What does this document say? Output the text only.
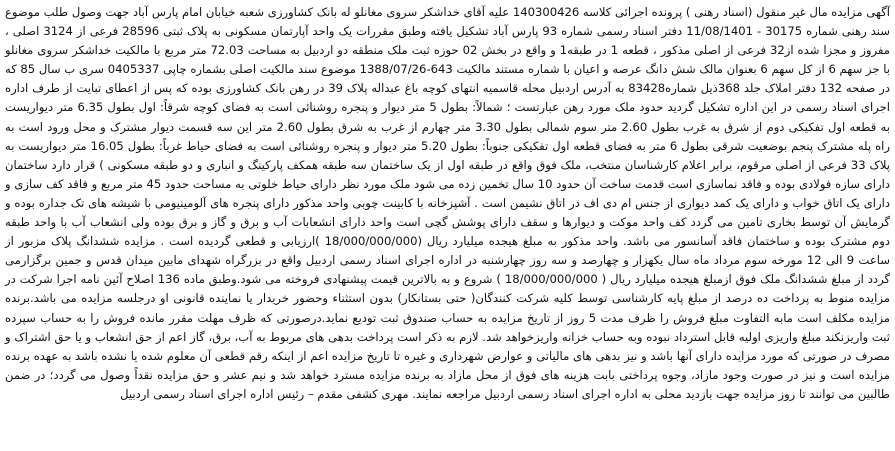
آگهی مزایده مال غیر منقول (اسناد رهنی ) پرونده اجرائی کلاسه 140300426 علیه آقای خداشکر سروی مغانلو له بانک کشاورزی شعبه خیابان امام پارس آباد جهت وصول طلب موضوع سند رهنی شماره 30175 - 11/08/1401 دفتر اسناد رسمی شماره 93 پارس آباد تشکیل یافته وطبق مقررات یک واحد آپارتمان مسکونی به پلاک ثبتی 28596 فرعی از 3124 اصلی ، مفروز و مجزا شده از32 فرعی از اصلی مذکور ، قطعه 1 در طبقه1 و واقع در بخش 02 حوزه ثبت ملک منطقه دو اردبیل به مساحت 72.03 متر مربع با مالکیت خداشکر سروی مغانلو با جز سهم 6 از کل سهم 6 بعنوان مالک شش دانگ عرصه و اعیان با شماره مستند مالکیت 643-1388/07/26 موضوع سند مالکیت اصلی بشماره چاپی 0405337 سری ب سال 85 که در صفحه 132 دفتر املاک جلد 368ذیل شماره83428 به آدرس اردبیل محله قاسمیه انتهای کوچه باغ عبداله پلاک 39 در رهن بانک کشاورزی بوده که پس از اعطای تبایت از طرف اداره اجرای اسناد رسمی در این اداره تشکیل گردید حدود ملک مورد رهن عبارتست ؛ شمالاً: بطول 5 متر دیوار و پنجره روشنائی است به فضای کوچه شرقاً: اول بطول 6.35 متر دیواریست به قطعه اول تفکیکی دوم از شرق به غرب بطول 2.60 متر سوم شمالی بطول 3.30 متر چهارم از غرب به شرق بطول 2.60 متر این سه قسمت دیوار مشترک و محل ورود است به راه پله مشترک پنجم بوضعیت شرقی بطول 6 متر به فضای قطعه اول تفکیکی جنوباً: بطول 5.20 متر دیوار و پنجره روشنائی است به فضای حیاط غرباً: بطول 16.05 متر دیواریست به پلاک 33 فرعی از اصلی مرقوم، برابر اعلام کارشناسان منتخب، ملک فوق واقع در طبقه اول از یک ساختمان سه طبقه همکف پارکینگ و انباری و دو طبقه مسکونی ) قرار دارد ساختمان دارای سازه فولادی بوده و فاقد نماسازی است قدمت ساخت آن حدود 10 سال تخمین زده می شود ملک مورد نظر دارای حیاط خلوتی به مساحت حدود 45 متر مربع و فاقد کف سازی و دارای یک اتاق خواب و دارای یک کمد دیواری از جنس ام دی اف در اتاق نشیمن است . آشپزخانه با کابینت چوبی واحد مذکور دارای پنجره های آلومینیومی با شیشه های تک جداره بوده و گرمایش آن توسط بخاری تامین می گردد کف واحد موکت و دیوارها و سقف دارای پوشش گچی است واحد دارای انشعابات آب و برق و گاز و برق بوده ولی انشعاب آب با واحد طبقه دوم مشترک بوده و ساختمان فاقد آسانسور می باشد. واحد مذکور به مبلغ هیجده میلیارد ریال (18/000/000/000 )ارزیابی و قطعی گردیده است . مزایده ششدانگ پلاک مزبور از ساعت 9 الی 12 مورخه سوم مرداد ماه سال یکهزار و چهارصد و سه روز چهارشنبه در اداره اجرای اسناد رسمی اردبیل واقع در بزرگراه شهدای مابین میدان قدس و جمین برگزارمی گردد از مبلغ ششدانگ ملک فوق ازمبلغ هیجده میلیارد ریال ( 18/000/000/000 ) شروع و به بالاترین قیمت پیشنهادی فروخته می شود.وطبق ماده 136 اصلاح آئین نامه اجرا شرکت در مزایده منوط به پرداخت ده درصد از مبلغ پایه کارشناسی توسط کلیه شرکت کنندگان( حتی بستانکار) بدون استثناء وحضور خریدار یا نماینده قانونی او درجلسه مزایده می باشد.برنده مزایده مکلف است مابه التفاوت مبلغ فروش را ظرف مدت 5 روز از تاریخ مزایده به حساب صندوق ثبت تودیع نماید.درصورتی که ظرف مهلت مقرر مانده فروش را به حساب سپرده ثبت واریزنکند مبلغ واریزی اولیه قابل استرداد نبوده وبه حساب خزانه واریزخواهد شد. لازم به ذکر است پرداخت بدهی های مربوط به آب، برق، گاز اعم از حق انشعاب و یا حق اشتراک و مصرف در صورتی که مورد مزایده دارای آنها باشد و نیز بدهی های مالیاتی و عوارض شهرداری و غیره تا تاریخ مزایده اعم از اینکه رقم قطعی آن معلوم شده یا نشده باشد به عهده برنده مزایده است و نیز در صورت وجود مازاد، وجوه پرداختی بابت هزینه های فوق از محل مازاد به برنده مزایده مسترد خواهد شد و نیم عشر و حق مزایده نقداً وصول می گردد؛ در ضمن طالبین می توانند تا روز مزایده جهت بازدید محلی به اداره اجرای اسناد رسمی اردبیل مراجعه نمایند. مهری کشفی مقدم – رئیس اداره اجرای اسناد رسمی اردبیل
